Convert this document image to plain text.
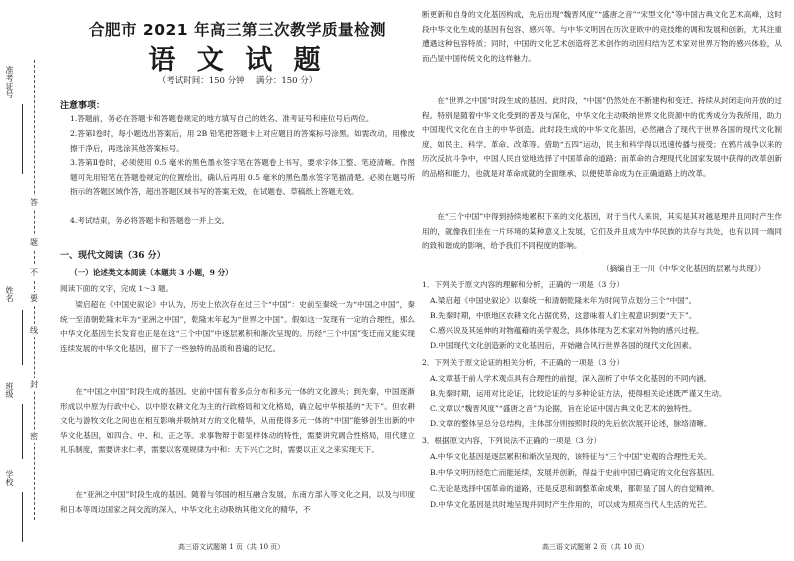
准考证号
姓名
班级
学校
答
题
不
要
线
封
密
合肥市 2021 年高三第三次教学质量检测
语 文 试 题
（考试时间：150 分钟　 满分：150 分）
注意事项：
1.答题前，务必在答题卡和答题卷规定的地方填写自己的姓名、准考证号和座位号后两位。
2.答第Ⅰ卷时，每小题选出答案后，用 2B 铅笔把答题卡上对应题目的答案标号涂黑。如需改动，用橡皮擦干净后，再选涂其他答案标号。
3.答第Ⅱ卷时，必须使用 0.5 毫米的黑色墨水签字笔在答题卷上书写，要求字体工整、笔迹清晰。作图题可先用铅笔在答题卷规定的位置绘出，确认后再用 0.5 毫米的黑色墨水签字笔描清楚。必须在题号所指示的答题区域作答，超出答题区域书写的答案无效，在试题卷、草稿纸上答题无效。
4.考试结束，务必将答题卡和答题卷一并上交。
一、现代文阅读（36 分）
（一）论述类文本阅读（本题共 3 小题，9 分）
阅读下面的文字，完成 1～3 题。
梁启超在《中国史叙论》中认为，历史上依次存在过三个“中国”：史前至秦统一为“中国之中国”，秦统一至清朝乾隆末年为“亚洲之中国”，乾隆末年起为“世界之中国”。假如这一发现有一定的合理性，那么中华文化基因生长发育也正是在这“三个中国”中逐层累积和渐次呈现的。历经“三个中国”变迁而又能实现连续发展的中华文化基因，留下了一些独特的品质和普遍的记忆。
在“中国之中国”时段生成的基因。史前中国有着多点分布和多元一体的文化源头；到先秦，中国逐渐形成以中原为行政中心、以中原农耕文化为主的行政格局和文化格局，确立起中华根基的“天下”。但农耕文化与游牧文化之间也在相互影响并吸纳对方的文化精华，从而使得多元一体的“中国”能够创生出新的中华文化基因，如四合、中、和、正之等。求事物辩于彰显样体动的特性，需要讲究调合性格局，用代建立礼乐制度，需要讲求仁孝，需要以客观规律为中和：天下兴亡之时，需要以正义之来实现天下。
在“亚洲之中国”时段生成的基因。随着与邻国的相互融合发展，东南方部入等文化之间，以及与印度和日本等周边国家之间交流的深入，中华文化主动吸纳其他文化的精华，不
高三语文试题第 1 页（共 10 页）
断更新和自身的文化基因构成，先后出现“魏晋风度”“盛唐之音”“宋型文化”等中国古典文化艺术高峰，这时段中华文化生成的基因有包容、感兴等。与中华文明因在历次亚欧中的竞技维的调和发展和创新，尤其注重遭遇这种包容特质；同时，中国的文化艺术创造将艺术创作的动因归结为艺术家对世界万物的感兴体验，从而凸显中国传统文化的这样魅力。
在“世界之中国”时段生成的基因。此时段，“中国”仍然处在不断建构和变迁、持续从封闭走向开放的过程。特别是随着中华文化受到的普及与深化，中华文化主动吸纳世界文化资源中的优秀成分为我所用，助力中国现代文化在自主的中华创造。此时段生成的中华文化基因，必然融合了现代于世界各国的现代文化制度，如民主、科学、革命、改革等。借助“五四”运动，民主和科学得以迅速传播与接受；在鸦片战争以来的历次反抗斗争中，中国人民自觉地选择了中国革命的道路；而革命的合理现代化国家发展中获得的改革创新的品格和能力，也就是对革命成就的全面继承、以便使革命成为在正确道路上的改革。
在“三个中国”中得到持续地累积下来的文化基因，对于当代人来说，其实是其对越是理并且同时产生作用的，就像我们坐在一片环境的某种意义上发展，它们及并且成为中华民族的共存与共处，也有以同一端同的致和谐成的影响，给予我们不同程度的影响。
（摘编自王一川《中华文化基因的层累与共现》）
1．下列关于原文内容的理解和分析，正确的一项是（3 分）
A.梁启超《中国史叙论》以秦统一和清朝乾隆末年为时间节点划分三个“中国”。
B.先秦时期，中原地区农耕文化占据优势，这意味着人们主观意识到要“天下”。
C.感兴说及其延伸的对物蕴藉的美学观念，具体体现为艺术家对外物的感兴过程。
D.中国现代文化创造新的文化基因后，开始融合风行世界各国的现代文化因素。
2．下列关于原文论证的相关分析，不正确的一项是（3 分）
A.文章基于前人学术观点具有合理性的前提，深入剖析了中华文化基因的不同内涵。
B.先秦时期，运用对比论证，比较论证的与多种论证方法，使得相关论述既严谨又生动。
C.文章以“魏晋风度”“盛唐之音”为论据，旨在论证中国古典文化艺术的独特性。
D.文章的整体呈总分总结构，主体部分则按照时段的先后依次展开论述，脉络清晰。
3．根据原文内容，下列说法不正确的一项是（3 分）
A.中华文化基因是逐层累积和渐次呈现的，该特征与“三个中国”史观的合理性无关。
B.中华文明历经危亡而能延续，发展并创新，得益于史前中国已确定的文化包容基因。
C.无论是选择中国革命的道路，还是反思和调整革命成果，都彰显了国人的自觉精神。
D.中华文化基因是共时地呈现并同时产生作用的，可以成为照亮当代人生活的光芒。
高三语文试题第 2 页（共 10 页）
